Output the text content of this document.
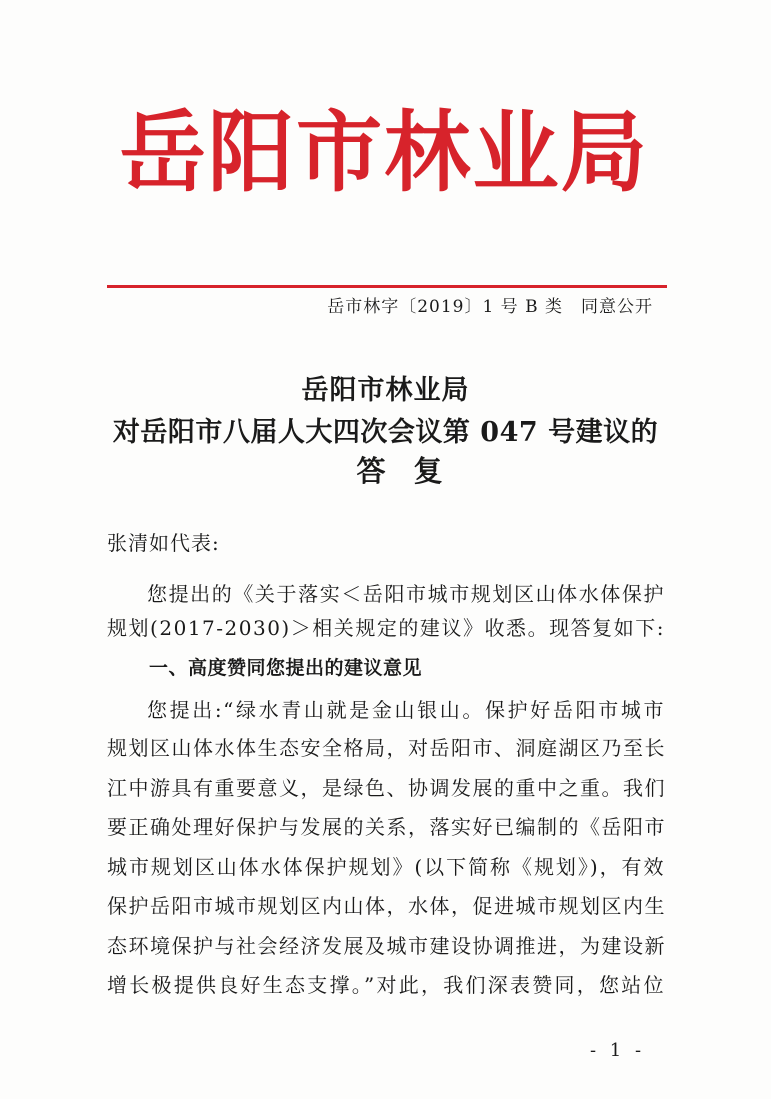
岳阳市林业局
岳市林字〔2019〕1 号 B 类　同意公开
岳阳市林业局
对岳阳市八届人大四次会议第 047 号建议的
答复
张清如代表:
您提出的《关于落实＜岳阳市城市规划区山体水体保护
规划(2017-2030)＞相关规定的建议》收悉。现答复如下:
一、高度赞同您提出的建议意见
您提出:“绿水青山就是金山银山。保护好岳阳市城市
规划区山体水体生态安全格局，对岳阳市、洞庭湖区乃至长
江中游具有重要意义，是绿色、协调发展的重中之重。我们
要正确处理好保护与发展的关系，落实好已编制的《岳阳市
城市规划区山体水体保护规划》(以下简称《规划》)，有效
保护岳阳市城市规划区内山体，水体，促进城市规划区内生
态环境保护与社会经济发展及城市建设协调推进，为建设新
增长极提供良好生态支撑。”对此，我们深表赞同，您站位
- 1 -
